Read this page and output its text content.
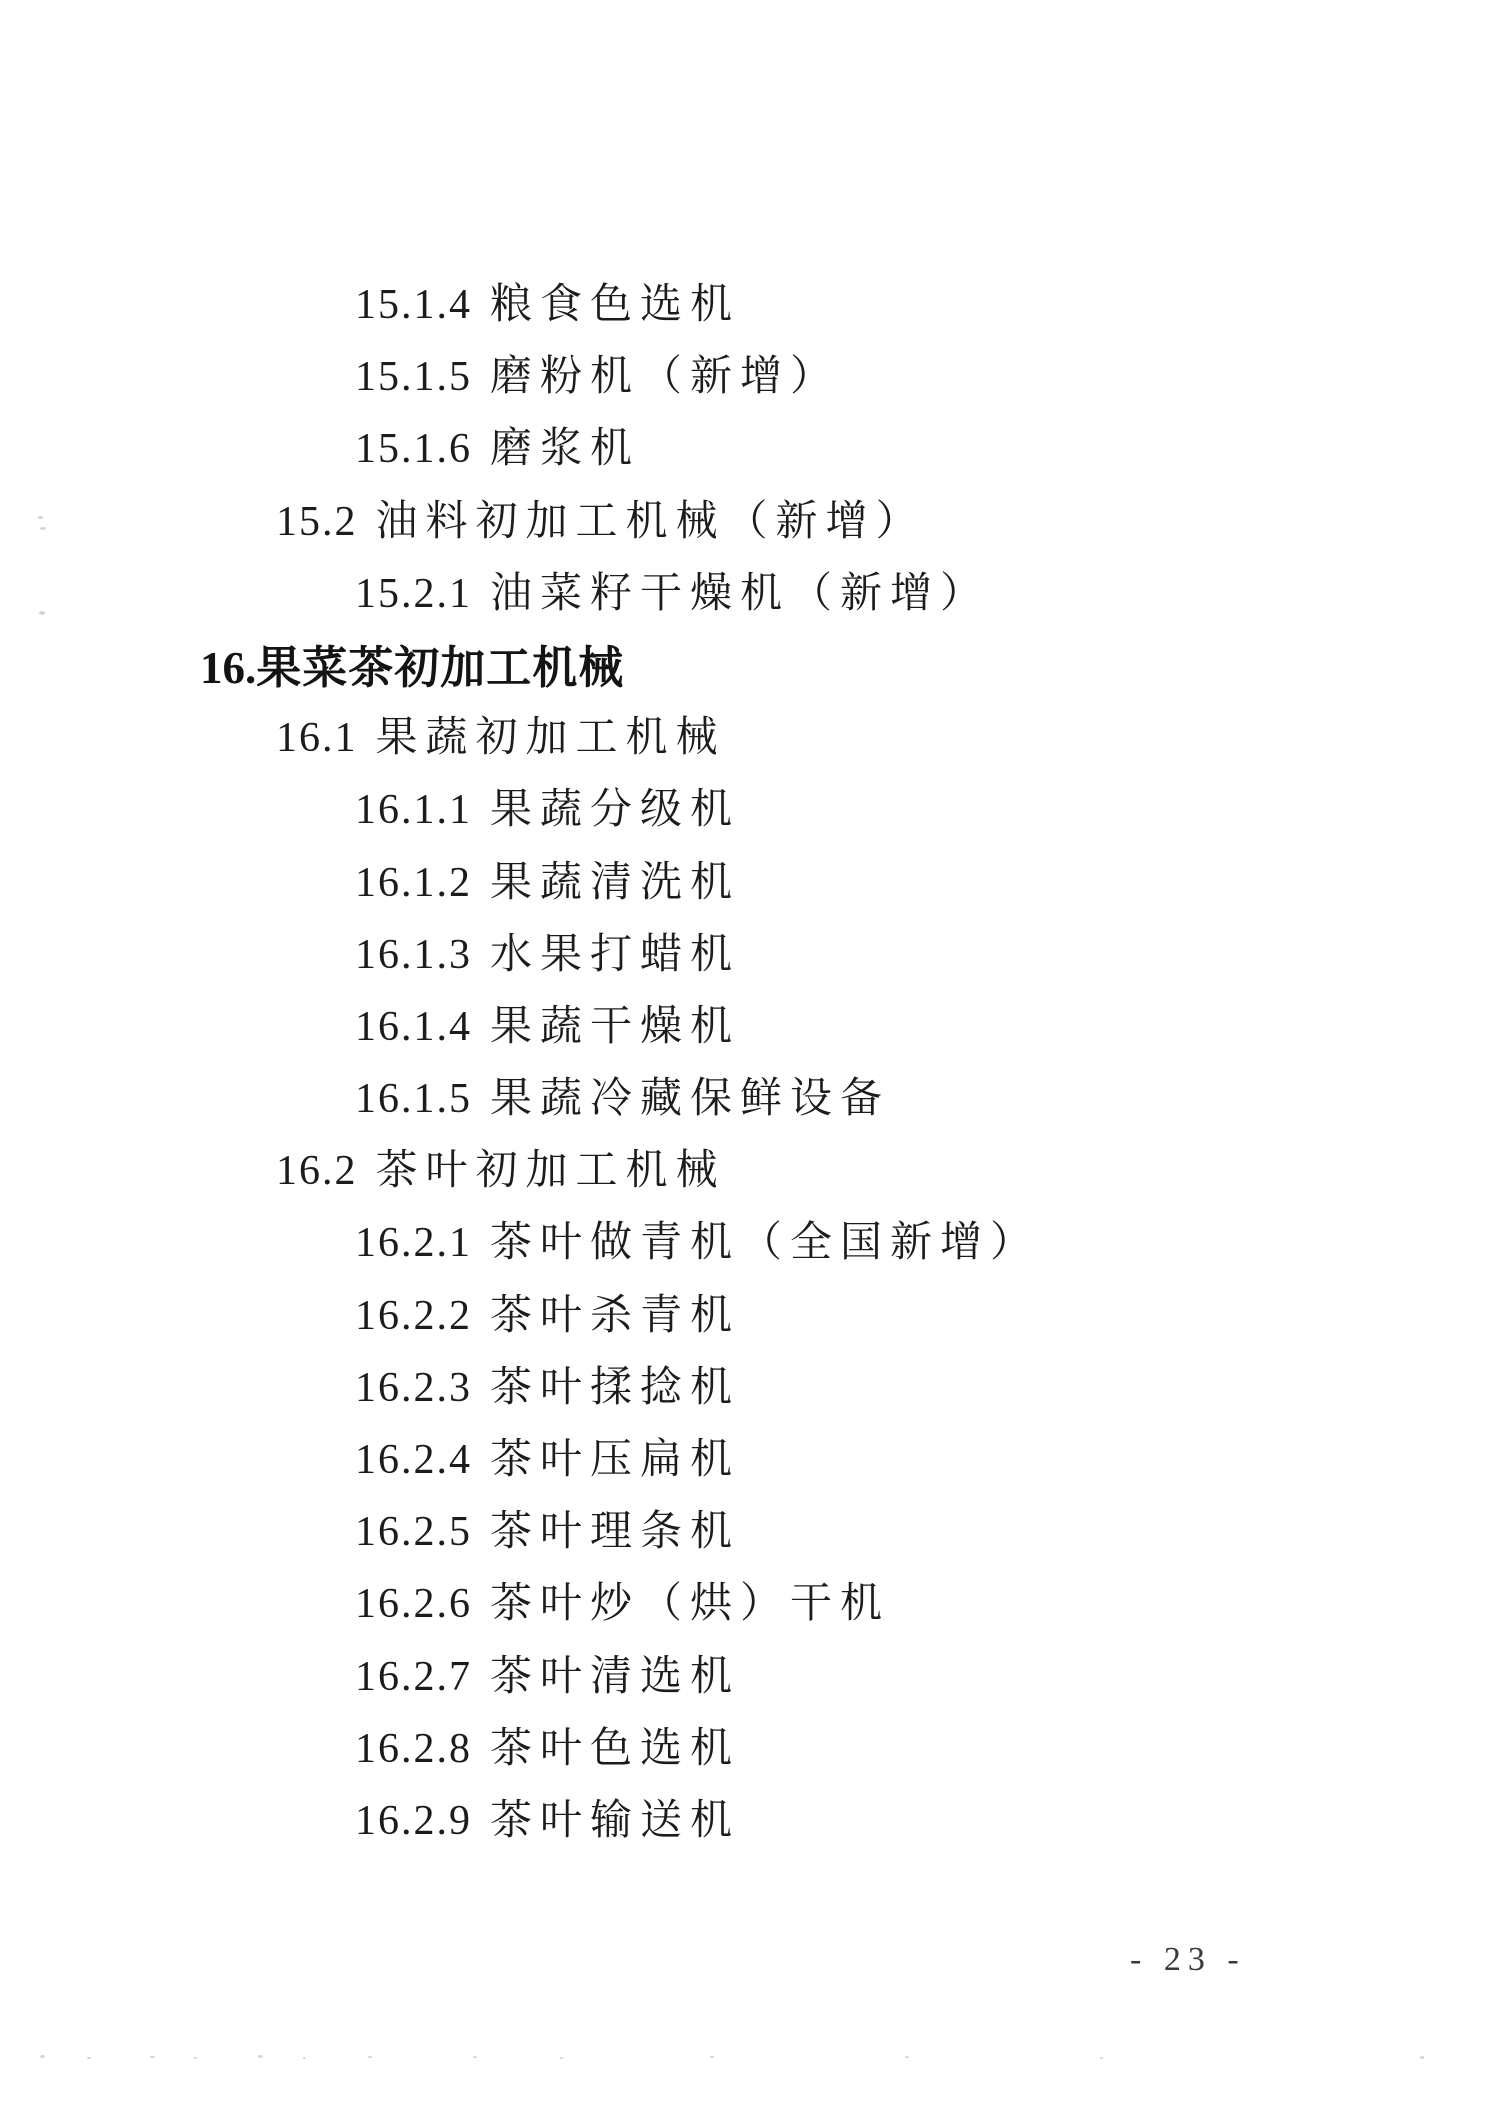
15.1.4 粮食色选机
15.1.5 磨粉机（新增）
15.1.6 磨浆机
15.2 油料初加工机械（新增）
15.2.1 油菜籽干燥机（新增）
16. 果菜茶初加工机械
16.1 果蔬初加工机械
16.1.1 果蔬分级机
16.1.2 果蔬清洗机
16.1.3 水果打蜡机
16.1.4 果蔬干燥机
16.1.5 果蔬冷藏保鲜设备
16.2 茶叶初加工机械
16.2.1 茶叶做青机（全国新增）
16.2.2 茶叶杀青机
16.2.3 茶叶揉捻机
16.2.4 茶叶压扁机
16.2.5 茶叶理条机
16.2.6 茶叶炒（烘）干机
16.2.7 茶叶清选机
16.2.8 茶叶色选机
16.2.9 茶叶输送机
- 23 -
